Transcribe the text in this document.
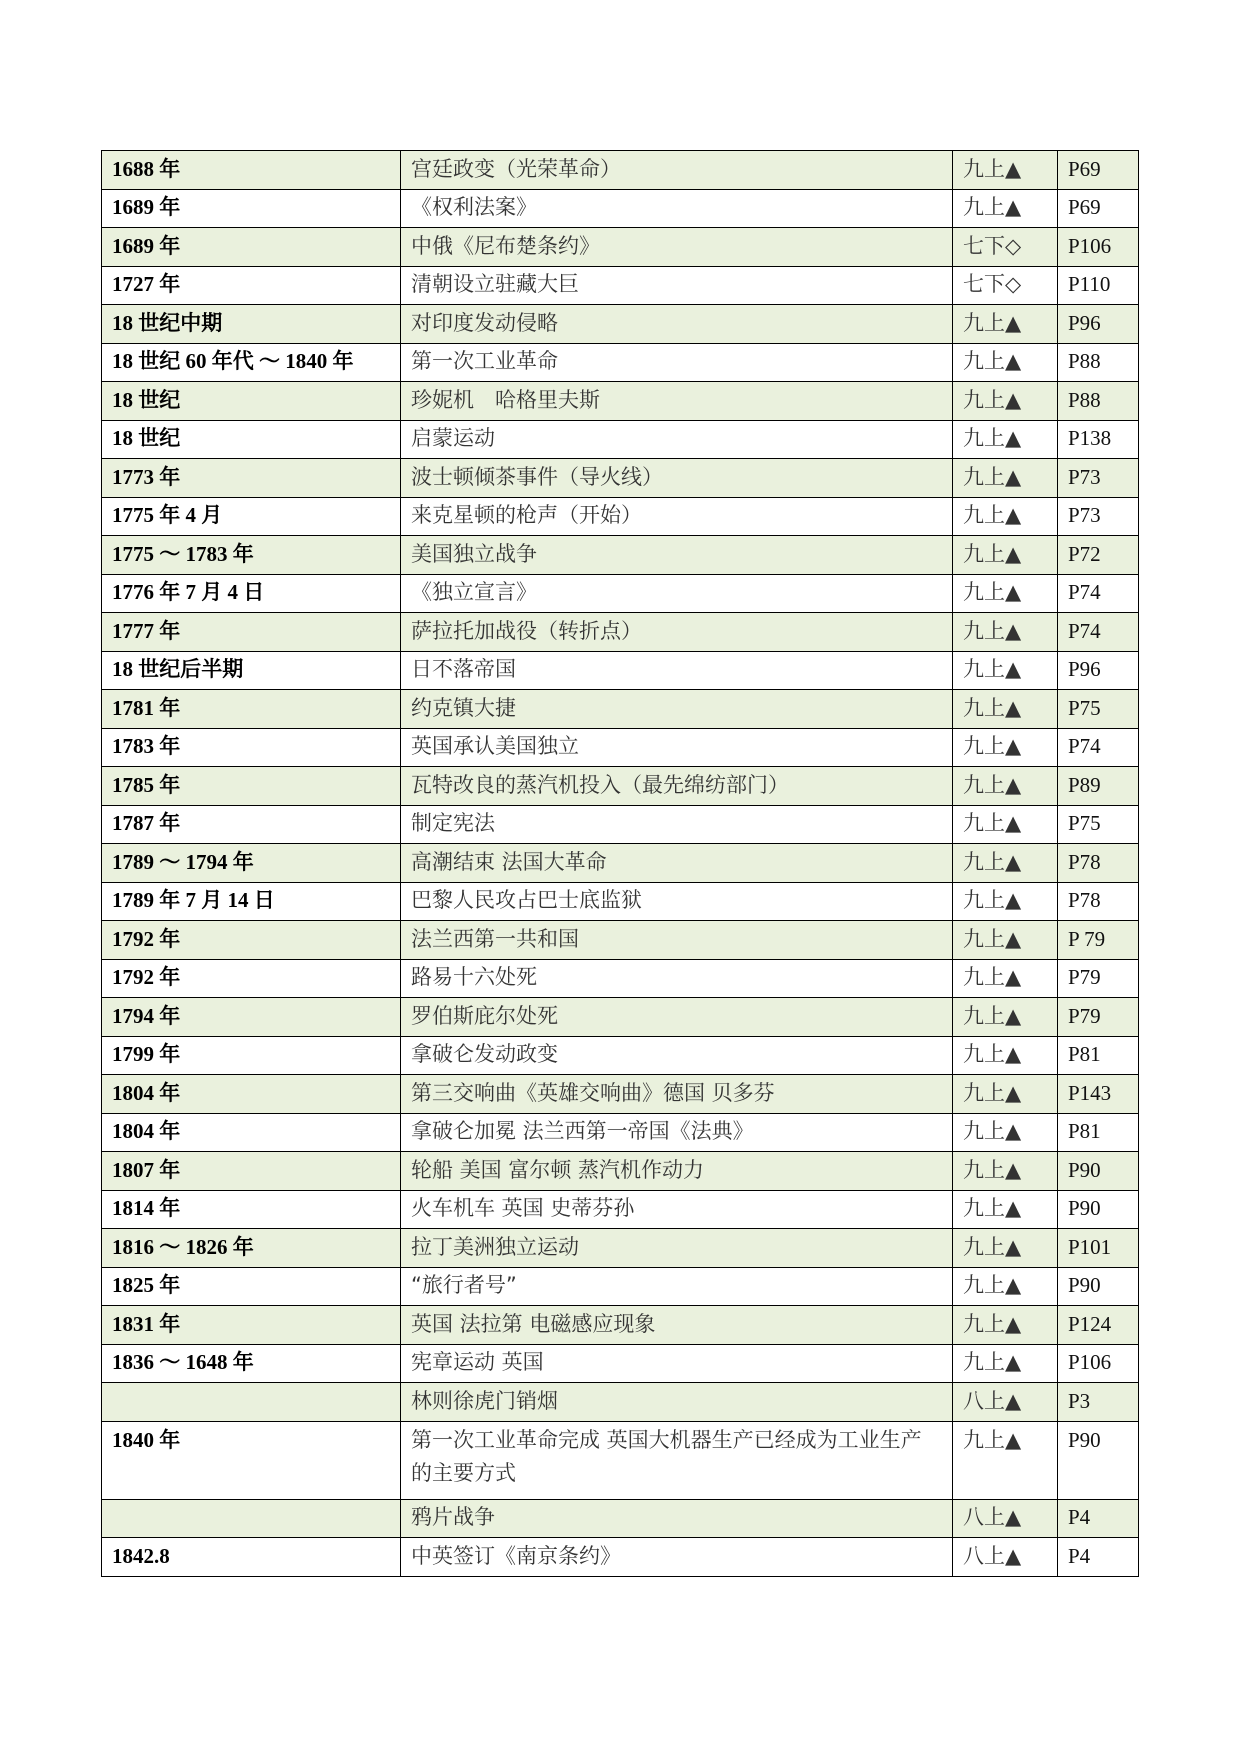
1688 年	宫廷政变（光荣革命）	九上▲	P69
1689 年	《权利法案》	九上▲	P69
1689 年	中俄《尼布楚条约》	七下◇	P106
1727 年	清朝设立驻藏大巨	七下◇	P110
18 世纪中期	对印度发动侵略	九上▲	P96
18 世纪 60 年代 ～ 1840 年	第一次工业革命	九上▲	P88
18 世纪	珍妮机　哈格里夫斯	九上▲	P88
18 世纪	启蒙运动	九上▲	P138
1773 年	波士顿倾茶事件（导火线）	九上▲	P73
1775 年 4 月	来克星顿的枪声（开始）	九上▲	P73
1775 ～ 1783 年	美国独立战争	九上▲	P72
1776 年 7 月 4 日	《独立宣言》	九上▲	P74
1777 年	萨拉托加战役（转折点）	九上▲	P74
18 世纪后半期	日不落帝国	九上▲	P96
1781 年	约克镇大捷	九上▲	P75
1783 年	英国承认美国独立	九上▲	P74
1785 年	瓦特改良的蒸汽机投入（最先绵纺部门）	九上▲	P89
1787 年	制定宪法	九上▲	P75
1789 ～ 1794 年	高潮结束 法国大革命	九上▲	P78
1789 年 7 月 14 日	巴黎人民攻占巴士底监狱	九上▲	P78
1792 年	法兰西第一共和国	九上▲	P 79
1792 年	路易十六处死	九上▲	P79
1794 年	罗伯斯庇尔处死	九上▲	P79
1799 年	拿破仑发动政变	九上▲	P81
1804 年	第三交响曲《英雄交响曲》德国 贝多芬	九上▲	P143
1804 年	拿破仑加冕 法兰西第一帝国《法典》	九上▲	P81
1807 年	轮船 美国 富尔顿 蒸汽机作动力	九上▲	P90
1814 年	火车机车 英国 史蒂芬孙	九上▲	P90
1816 ～ 1826 年	拉丁美洲独立运动	九上▲	P101
1825 年	“旅行者号”	九上▲	P90
1831 年	英国 法拉第 电磁感应现象	九上▲	P124
1836 ～ 1648 年	宪章运动 英国	九上▲	P106
	林则徐虎门销烟	八上▲	P3
1840 年	第一次工业革命完成 英国大机器生产已经成为工业生产的主要方式	九上▲	P90
	鸦片战争	八上▲	P4
1842.8	中英签订《南京条约》	八上▲	P4
